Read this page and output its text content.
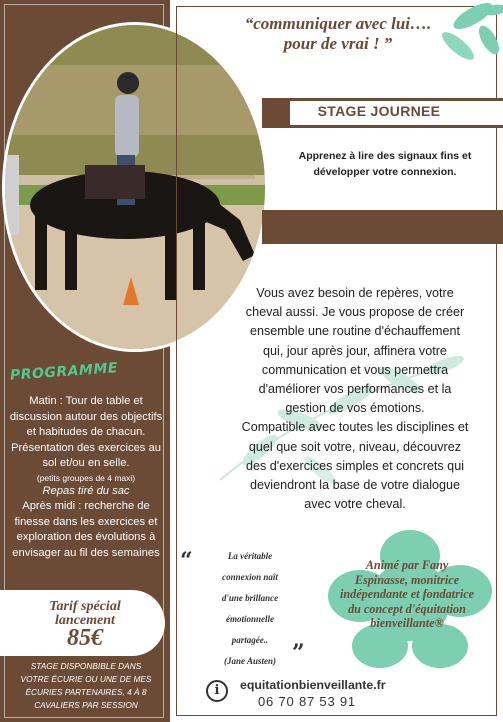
PROGRAMME
Matin : Tour de table et
discussion autour des objectifs
et habitudes de chacun.
Présentation des exercices au
sol et/ou en selle.
(petits groupes de 4 maxi)
Repas tiré du sac
Après midi : recherche de
finesse dans les exercices et
exploration des évolutions à
envisager au fil des semaines
Tarif spécial
lancement
85€
STAGE DISPONBIBLE DANS
VOTRE ÉCURIE OU UNE DE MES
ÉCURIES PARTENAIRES, 4 À 8
CAVALIERS PAR SESSION
“communiquer avec lui…. pour de vrai ! ”
STAGE JOURNEE
Apprenez à lire des signaux fins et développer votre connexion.
Vous avez besoin de repères, votre
cheval aussi. Je vous propose de créer
ensemble une routine d'échauffement
qui, jour après jour, affinera votre
communication et vous permettra
d'améliorer vos performances et la
gestion de vos émotions.
Compatible avec toutes les disciplines et
quel que soit votre, niveau, découvrez
des d'exercices simples et concrets qui
deviendront la base de votre dialogue
avec votre cheval.
“	La véritable
connexion naît
d'une brillance
émotionnelle
partagée..
(Jane Austen) ”
Animé par Fany
Espinasse, monitrice
indépendante et fondatrice
du concept d'équitation
bienveillante®
i	equitationbienveillante.fr
06 70 87 53 91
